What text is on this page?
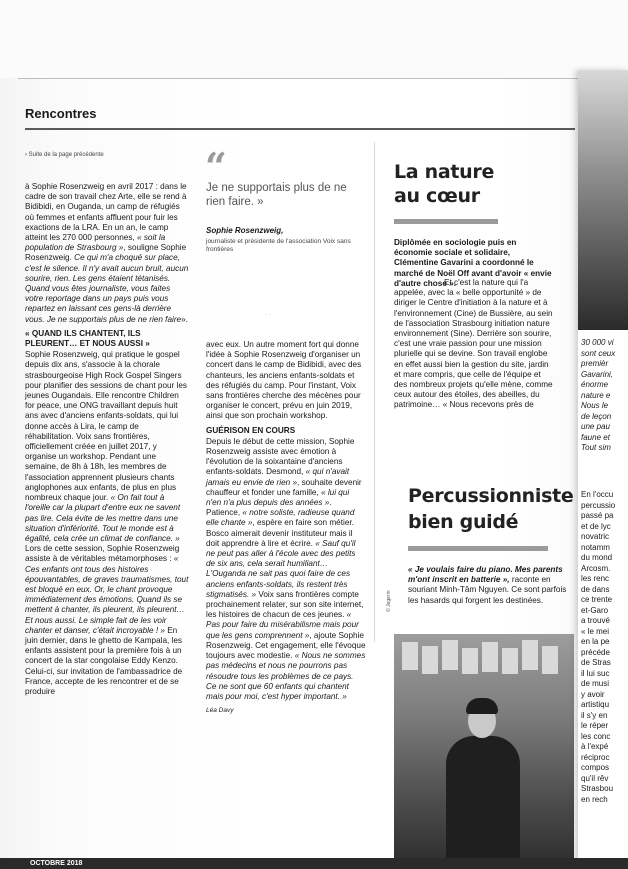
Rencontres
› Suite de la page précédente

à Sophie Rosenzweig en avril 2017 : dans le cadre de son travail chez Arte, elle se rend à Bidibidi, en Ouganda, un camp de réfugiés où femmes et enfants affluent pour fuir les exactions de la LRA. En un an, le camp atteint les 270 000 personnes, « soit la population de Strasbourg », souligne Sophie Rosenzweig. Ce qui m'a choqué sur place, c'est le silence. Il n'y avait aucun bruit, aucun sourire, rien. Les gens étaient tétanisés. Quand vous êtes journaliste, vous faites votre reportage dans un pays puis vous repartez en laissant ces gens-là derrière vous. Je ne supportais plus de ne rien faire».

« QUAND ILS CHANTENT, ILS PLEURENT… ET NOUS AUSSI »

Sophie Rosenzweig, qui pratique le gospel depuis dix ans, s'associe à la chorale strasbourgeoise High Rock Gospel Singers pour planifier des sessions de chant pour les jeunes Ougandais. Elle rencontre Children for peace, une ONG travaillant depuis huit ans avec d'anciens enfants-soldats, qui lui donne accès à Lira, le camp de réhabilitation. Voix sans frontières, officiellement créée en juillet 2017, y organise un workshop. Pendant une semaine, de 8h à 18h, les membres de l'association apprennent plusieurs chants anglophones aux enfants, de plus en plus nombreux chaque jour. « On fait tout à l'oreille car la plupart d'entre eux ne savent pas lire. Cela évite de les mettre dans une situation d'infériorité. Tout le monde est à égalité, cela crée un climat de confiance. » Lors de cette session, Sophie Rosenzweig assiste à de véritables métamorphoses : « Ces enfants ont tous des histoires épouvantables, de graves traumatismes, tout est bloqué en eux. Or, le chant provoque immédiatement des émotions. Quand ils se mettent à chanter, ils pleurent, ils pleurent… Et nous aussi. Le simple fait de les voir chanter et danser, c'était incroyable ! » En juin dernier, dans le ghetto de Kampala, les enfants assistent pour la première fois à un concert de la star congolaise Eddy Kenzo. Celui-ci, sur invitation de l'ambassadrice de France, accepte de les rencontrer et de se produire

“
Je ne supportais plus de ne rien faire. »
Sophie Rosenzweig,
journaliste et présidente de l'association Voix sans frontières
· ·

avec eux. Un autre moment fort qui donne l'idée à Sophie Rosenzweig d'organiser un concert dans le camp de Bidibidi, avec des chanteurs, les anciens enfants-soldats et des réfugiés du camp. Pour l'instant, Voix sans frontières cherche des mécènes pour organiser le concert, prévu en juin 2019, ainsi que son prochain workshop.

GUÉRISON EN COURS

Depuis le début de cette mission, Sophie Rosenzweig assiste avec émotion à l'évolution de la soixantaine d'anciens enfants-soldats. Desmond, « qui n'avait jamais eu envie de rien », souhaite devenir chauffeur et fonder une famille, « lui qui n'en n'a plus depuis des années ». Patience, « notre soliste, radieuse quand elle chante », espère en faire son métier. Bosco aimerait devenir instituteur mais il doit apprendre à lire et écrire. « Sauf qu'il ne peut pas aller à l'école avec des petits de six ans, cela serait humiliant… L'Ouganda ne sait pas quoi faire de ces anciens enfants-soldats, ils restent très stigmatisés. » Voix sans frontières compte prochainement relater, sur son site internet, les histoires de chacun de ces jeunes. « Pas pour faire du misérabilisme mais pour que les gens comprennent », ajoute Sophie Rosenzweig. Cet engagement, elle l'évoque toujours avec modestie. « Nous ne sommes pas médecins et nous ne pourrons pas résoudre tous les problèmes de ce pays. Ce ne sont que 60 enfants qui chantent mais pour moi, c'est hyper important. »

Léa Davy

La nature
au cœur
Diplômée en sociologie puis en économie sociale et solidaire, Clémentine Gavarini a coordonné le marché de Noël Off avant d'avoir « envie d'autre chose ».
Et c'est la nature qui l'a appelée, avec la « belle opportunité » de diriger le Centre d'initiation à la nature et à l'environnement (Cine) de Bussière, au sein de l'association Strasbourg initiation nature environnement (Sine). Derrière son sourire, c'est une vraie passion pour une mission plurielle qui se devine. Son travail englobe en effet aussi bien la gestion du site, jardin et mare compris, que celle de l'équipe et des nombreux projets qu'elle mène, comme ceux autour des étoiles, des abeilles, du patrimoine… « Nous recevons près de
Percussionniste
bien guidé
« Je voulais faire du piano. Mes parents m'ont inscrit en batterie », raconte en souriant Minh-Tâm Nguyen. Ce sont parfois les hasards qui forgent les destinées.
© Jegerin
30 000 vi
sont ceux
premièr
Gavarini,
énorme
nature e
Nous le
de leçon
une pau
faune et
Tout sim
En l'occu
percussio
passé pa
et de lyc
novatric
notamm
du mond
Arcosm.
les renc
de dans
ce trente
et-Garo
a trouvé
« le mei
en la pe
précéde
de Stras
il lui suc
de musi
y avoir
artistiqu
il s'y en
le réper
les conc
à l'expé
réciproc
compos
qu'il rêv
Strasbou
en rech
OCTOBRE 2018
